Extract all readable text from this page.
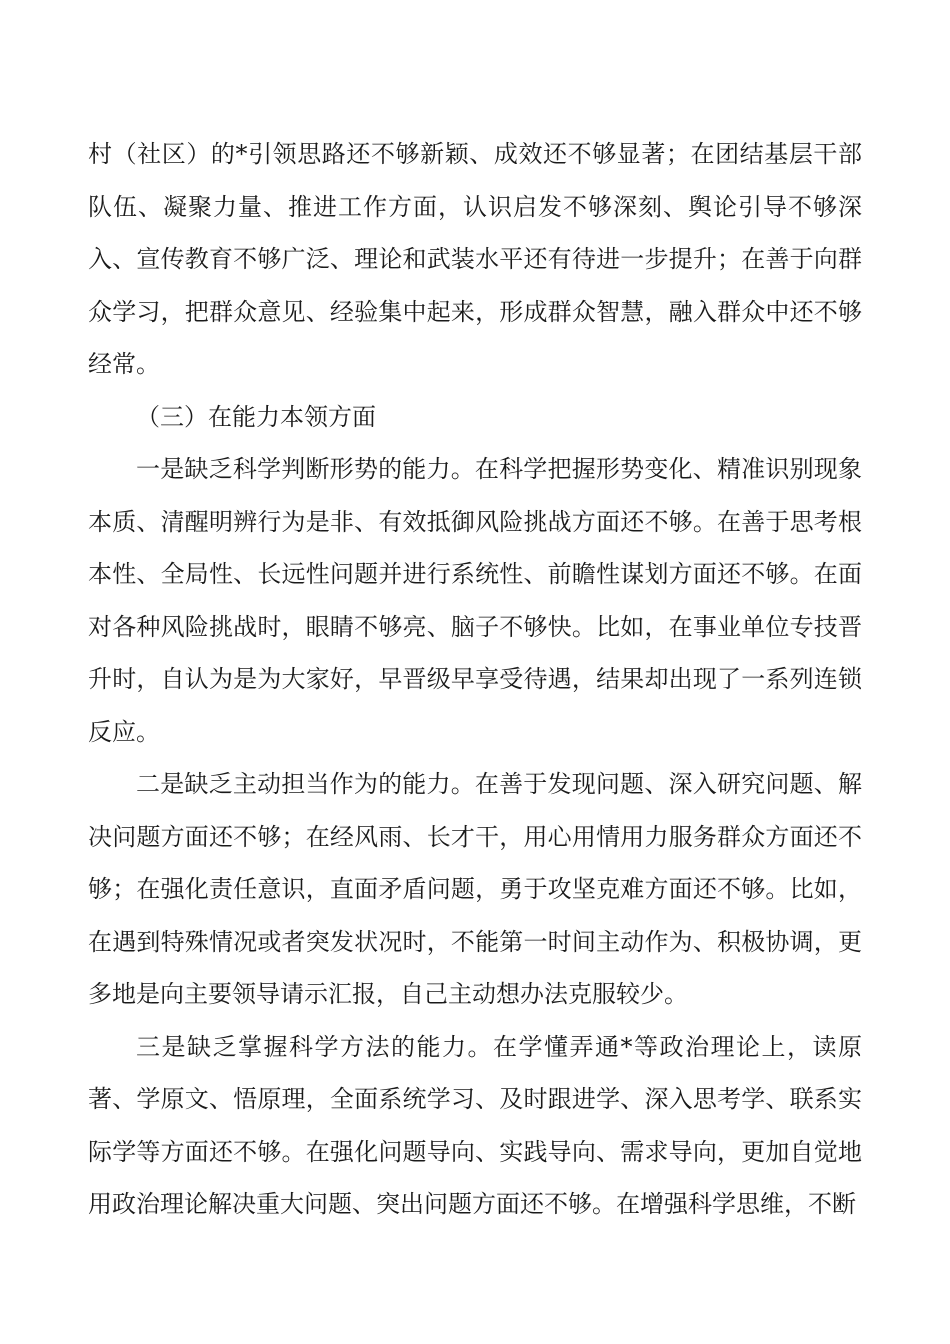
村（社区）的*引领思路还不够新颖、成效还不够显著；在团结基层干部队伍、凝聚力量、推进工作方面，认识启发不够深刻、舆论引导不够深入、宣传教育不够广泛、理论和武装水平还有待进一步提升；在善于向群众学习，把群众意见、经验集中起来，形成群众智慧，融入群众中还不够经常。

（三）在能力本领方面

一是缺乏科学判断形势的能力。在科学把握形势变化、精准识别现象本质、清醒明辨行为是非、有效抵御风险挑战方面还不够。在善于思考根本性、全局性、长远性问题并进行系统性、前瞻性谋划方面还不够。在面对各种风险挑战时，眼睛不够亮、脑子不够快。比如，在事业单位专技晋升时，自认为是为大家好，早晋级早享受待遇，结果却出现了一系列连锁反应。

二是缺乏主动担当作为的能力。在善于发现问题、深入研究问题、解决问题方面还不够；在经风雨、长才干，用心用情用力服务群众方面还不够；在强化责任意识，直面矛盾问题，勇于攻坚克难方面还不够。比如，在遇到特殊情况或者突发状况时，不能第一时间主动作为、积极协调，更多地是向主要领导请示汇报，自己主动想办法克服较少。

三是缺乏掌握科学方法的能力。在学懂弄通*等政治理论上，读原著、学原文、悟原理，全面系统学习、及时跟进学、深入思考学、联系实际学等方面还不够。在强化问题导向、实践导向、需求导向，更加自觉地用政治理论解决重大问题、突出问题方面还不够。在增强科学思维，不断
